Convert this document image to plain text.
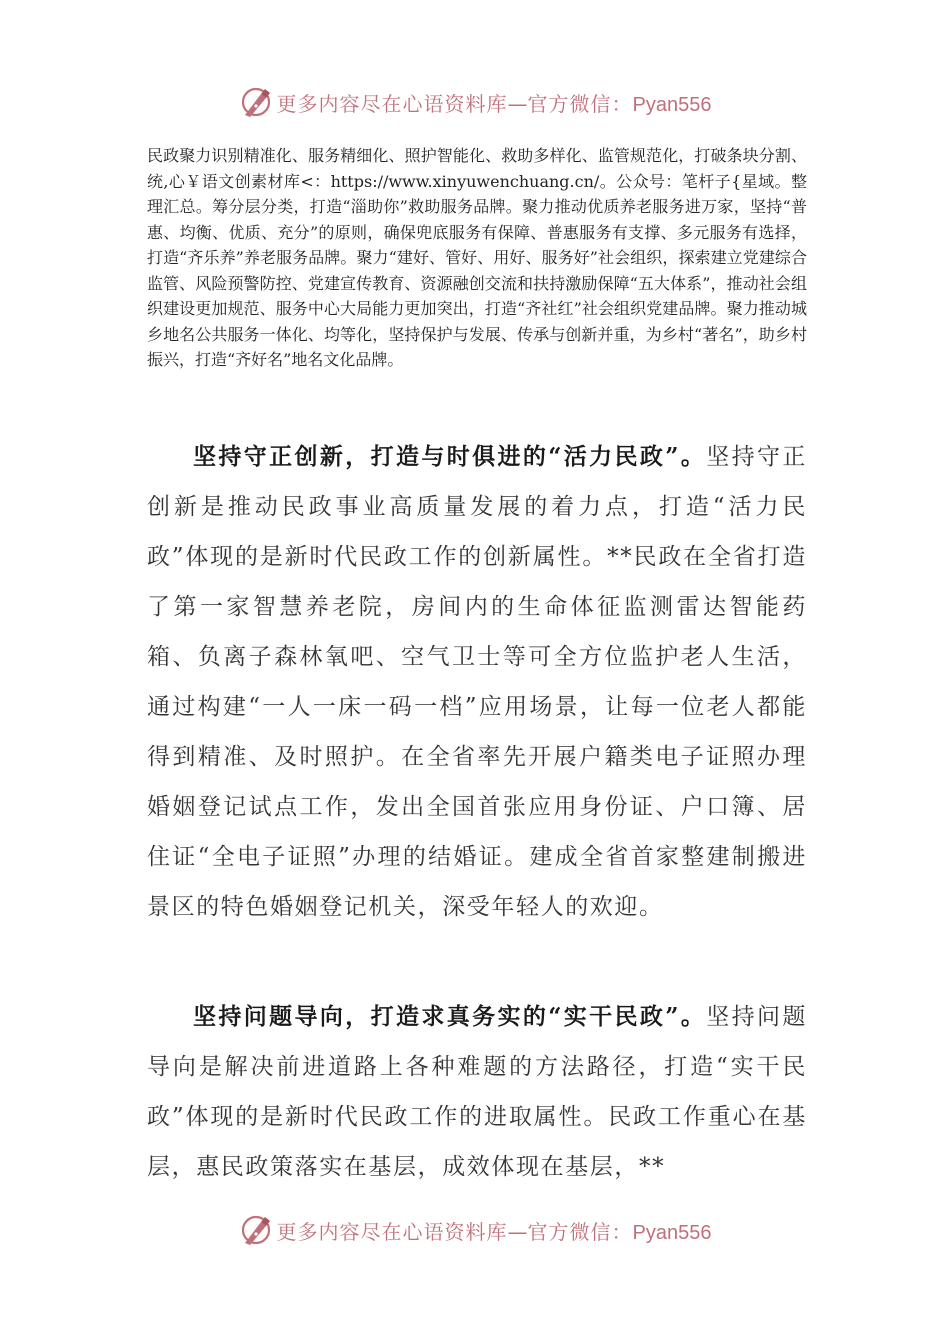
更多内容尽在心语资料库—官方微信：Pyan556

民政聚力识别精准化、服务精细化、照护智能化、救助多样化、监管规范化，打破条块分割、统,心￥语文创素材库<：https://www.xinyuwenchuang.cn/。公众号：笔杆子{星域。整理汇总。筹分层分类，打造“淄助你”救助服务品牌。聚力推动优质养老服务进万家，坚持“普惠、均衡、优质、充分”的原则，确保兜底服务有保障、普惠服务有支撑、多元服务有选择，打造“齐乐养”养老服务品牌。聚力“建好、管好、用好、服务好”社会组织，探索建立党建综合监管、风险预警防控、党建宣传教育、资源融创交流和扶持激励保障“五大体系”，推动社会组织建设更加规范、服务中心大局能力更加突出，打造“齐社红”社会组织党建品牌。聚力推动城乡地名公共服务一体化、均等化，坚持保护与发展、传承与创新并重，为乡村“著名”，助乡村振兴，打造“齐好名”地名文化品牌。

坚持守正创新，打造与时俱进的“活力民政”。坚持守正创新是推动民政事业高质量发展的着力点，打造“活力民政”体现的是新时代民政工作的创新属性。**民政在全省打造了第一家智慧养老院，房间内的生命体征监测雷达智能药箱、负离子森林氧吧、空气卫士等可全方位监护老人生活，通过构建“一人一床一码一档”应用场景，让每一位老人都能得到精准、及时照护。在全省率先开展户籍类电子证照办理婚姻登记试点工作，发出全国首张应用身份证、户口簿、居住证“全电子证照”办理的结婚证。建成全省首家整建制搬进景区的特色婚姻登记机关，深受年轻人的欢迎。

坚持问题导向，打造求真务实的“实干民政”。坚持问题导向是解决前进道路上各种难题的方法路径，打造“实干民政”体现的是新时代民政工作的进取属性。民政工作重心在基层，惠民政策落实在基层，成效体现在基层，**

更多内容尽在心语资料库—官方微信：Pyan556
